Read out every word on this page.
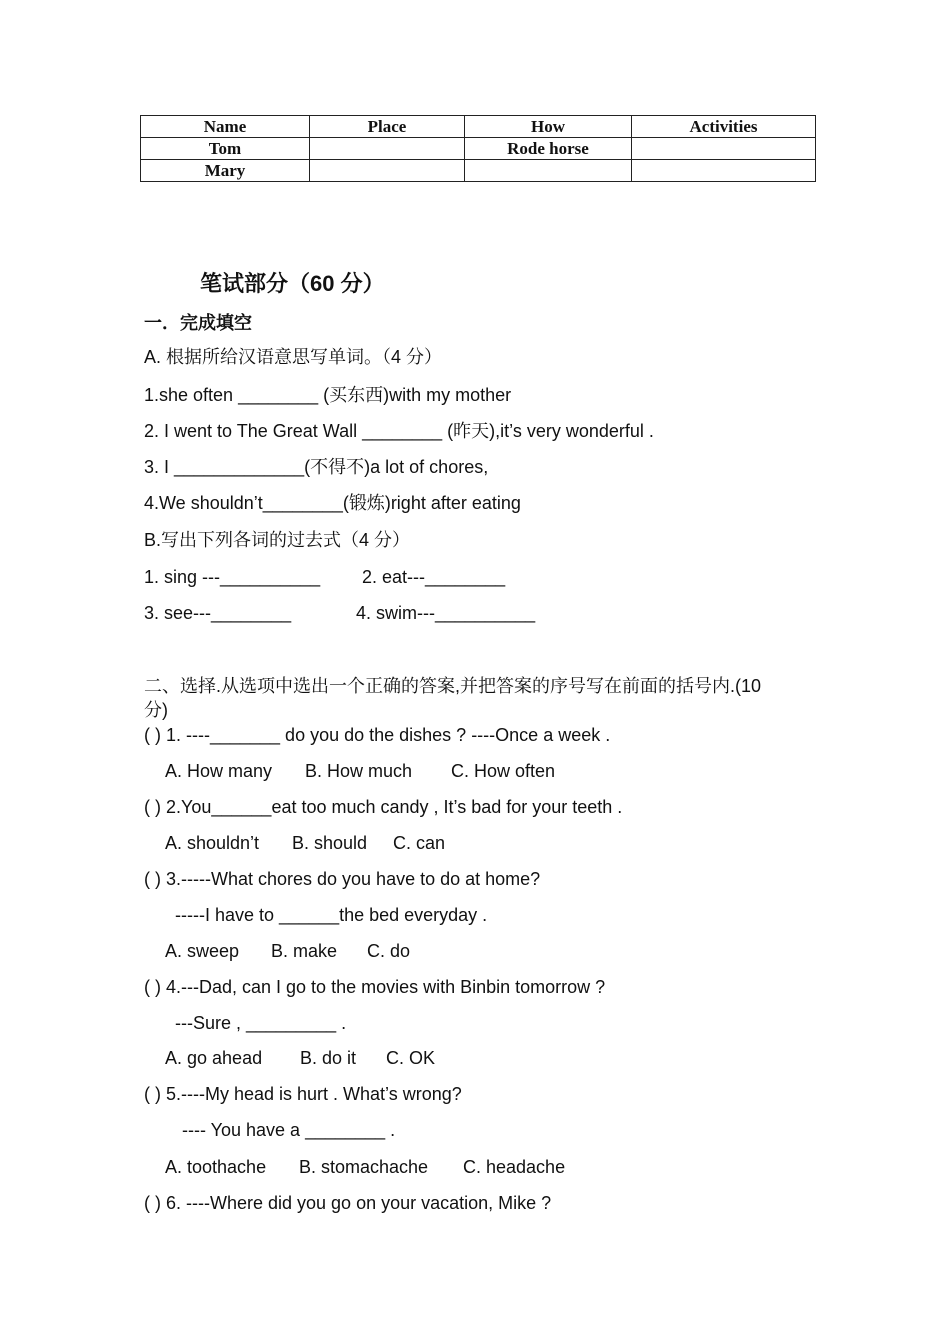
Name	Place	How	Activities
Tom		Rode horse	
Mary			
笔试部分（60 分）
一．完成填空
A. 根据所给汉语意思写单词。（4 分）
1.she often ________ (买东西)with my mother
2. I went to The Great Wall ________ (昨天),it’s very wonderful .
3. I _____________(不得不)a lot of chores,
4.We shouldn’t________(锻炼)right after eating
B.写出下列各词的过去式（4 分）
1. sing ---__________ 2. eat---________
3. see---________	4. swim---__________
二、选择.从选项中选出一个正确的答案,并把答案的序号写在前面的括号内.(10
分)
( ) 1. ----_______ do you do the dishes ? ----Once a week .
A. How many B. How much C. How often
( ) 2.You______eat too much candy , It’s bad for your teeth .
A. shouldn’t B. should C. can
( ) 3.-----What chores do you have to do at home?
-----I have to ______the bed everyday .
A. sweep B. make C. do
( ) 4.---Dad, can I go to the movies with Binbin tomorrow ?
---Sure , _________ .
A. go ahead B. do it C. OK
( ) 5.----My head is hurt . What’s wrong?
---- You have a ________ .
A. toothache B. stomachache C. headache
( ) 6. ----Where did you go on your vacation, Mike ?
